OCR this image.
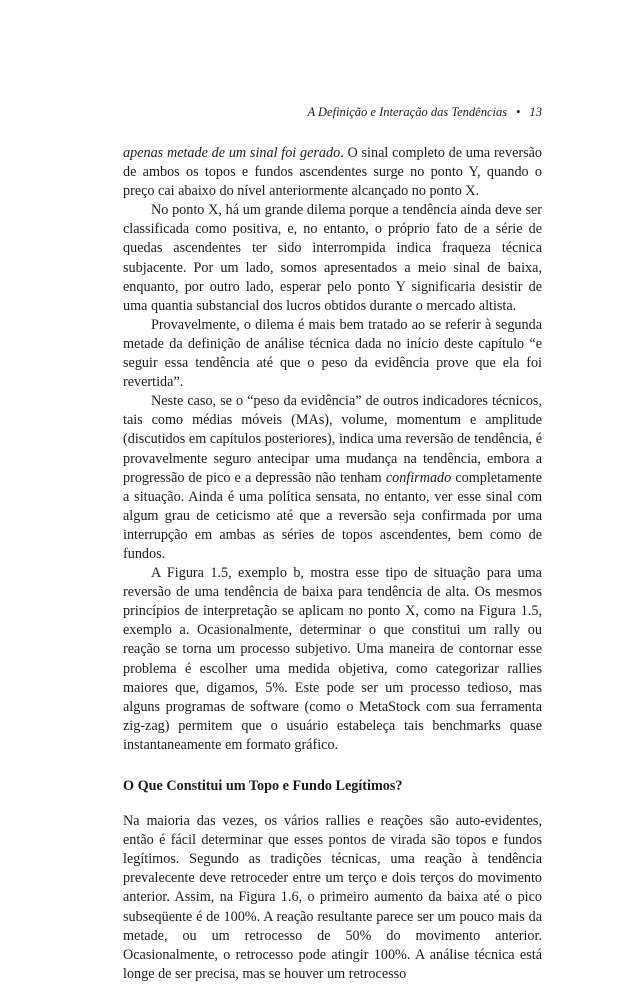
A Definição e Interação das Tendências • 13

apenas metade de um sinal foi gerado. O sinal completo de uma reversão de ambos os topos e fundos ascendentes surge no ponto Y, quando o preço cai abaixo do nível anteriormente alcançado no ponto X.

No ponto X, há um grande dilema porque a tendência ainda deve ser classificada como positiva, e, no entanto, o próprio fato de a série de quedas ascendentes ter sido interrompida indica fraqueza técnica subjacente. Por um lado, somos apresentados a meio sinal de baixa, enquanto, por outro lado, esperar pelo ponto Y significaria desistir de uma quantia substancial dos lucros obtidos durante o mercado altista.

Provavelmente, o dilema é mais bem tratado ao se referir à segunda metade da definição de análise técnica dada no início deste capítulo “e seguir essa tendência até que o peso da evidência prove que ela foi revertida”.

Neste caso, se o “peso da evidência” de outros indicadores técnicos, tais como médias móveis (MAs), volume, momentum e amplitude (discutidos em capítulos posteriores), indica uma reversão de tendência, é provavelmente seguro antecipar uma mudança na tendência, embora a progressão de pico e a depressão não tenham confirmado completamente a situação. Ainda é uma política sensata, no entanto, ver esse sinal com algum grau de ceticismo até que a reversão seja confirmada por uma interrupção em ambas as séries de topos ascendentes, bem como de fundos.

A Figura 1.5, exemplo b, mostra esse tipo de situação para uma reversão de uma tendência de baixa para tendência de alta. Os mesmos princípios de interpretação se aplicam no ponto X, como na Figura 1.5, exemplo a. Ocasionalmente, determinar o que constitui um rally ou reação se torna um processo subjetivo. Uma maneira de contornar esse problema é escolher uma medida objetiva, como categorizar rallies maiores que, digamos, 5%. Este pode ser um processo tedioso, mas alguns programas de software (como o MetaStock com sua ferramenta zig-zag) permitem que o usuário estabeleça tais benchmarks quase instantaneamente em formato gráfico.

O Que Constitui um Topo e Fundo Legítimos?

Na maioria das vezes, os vários rallies e reações são auto-evidentes, então é fácil determinar que esses pontos de virada são topos e fundos legítimos. Segundo as tradições técnicas, uma reação à tendência prevalecente deve retroceder entre um terço e dois terços do movimento anterior. Assim, na Figura 1.6, o primeiro aumento da baixa até o pico subseqüente é de 100%. A reação resultante parece ser um pouco mais da metade, ou um retrocesso de 50% do movimento anterior. Ocasionalmente, o retrocesso pode atingir 100%. A análise técnica está longe de ser precisa, mas se houver um retrocesso
